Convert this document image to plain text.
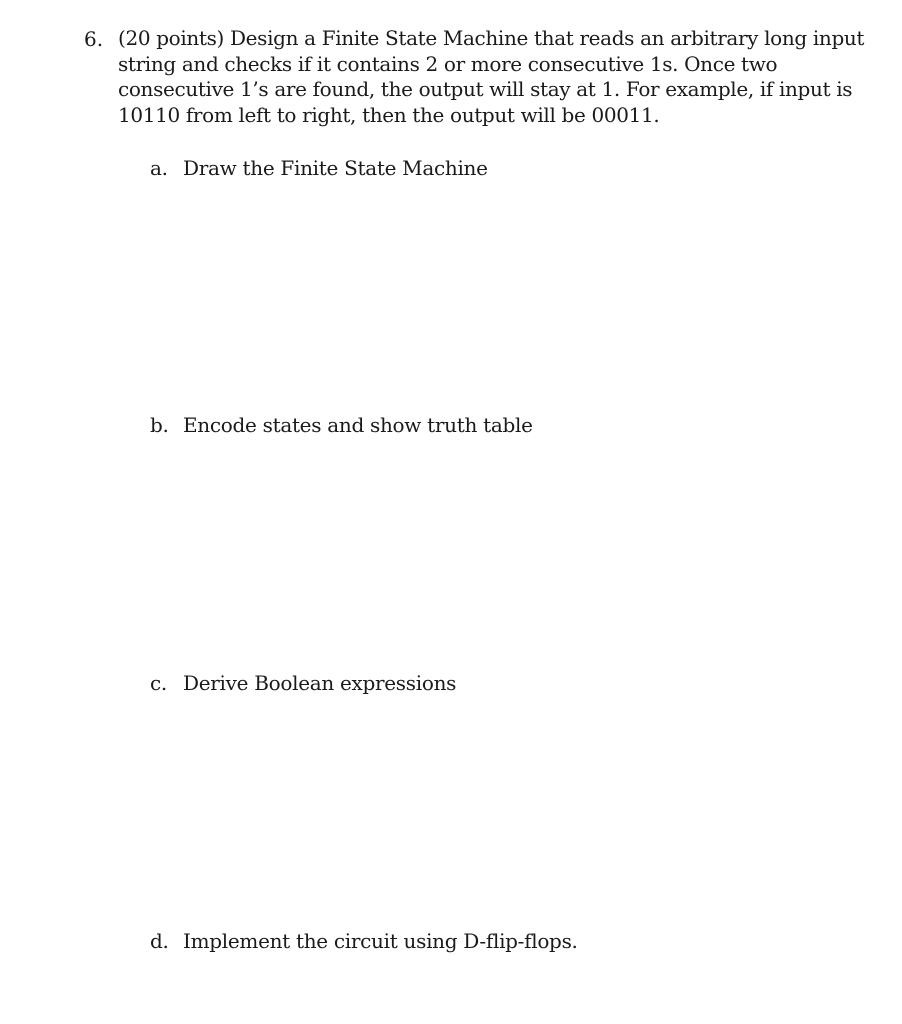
6. (20 points) Design a Finite State Machine that reads an arbitrary long input
string and checks if it contains 2 or more consecutive 1s. Once two
consecutive 1’s are found, the output will stay at 1. For example, if input is
10110 from left to right, then the output will be 00011.
a. Draw the Finite State Machine
b. Encode states and show truth table
c. Derive Boolean expressions
d. Implement the circuit using D-flip-flops.
